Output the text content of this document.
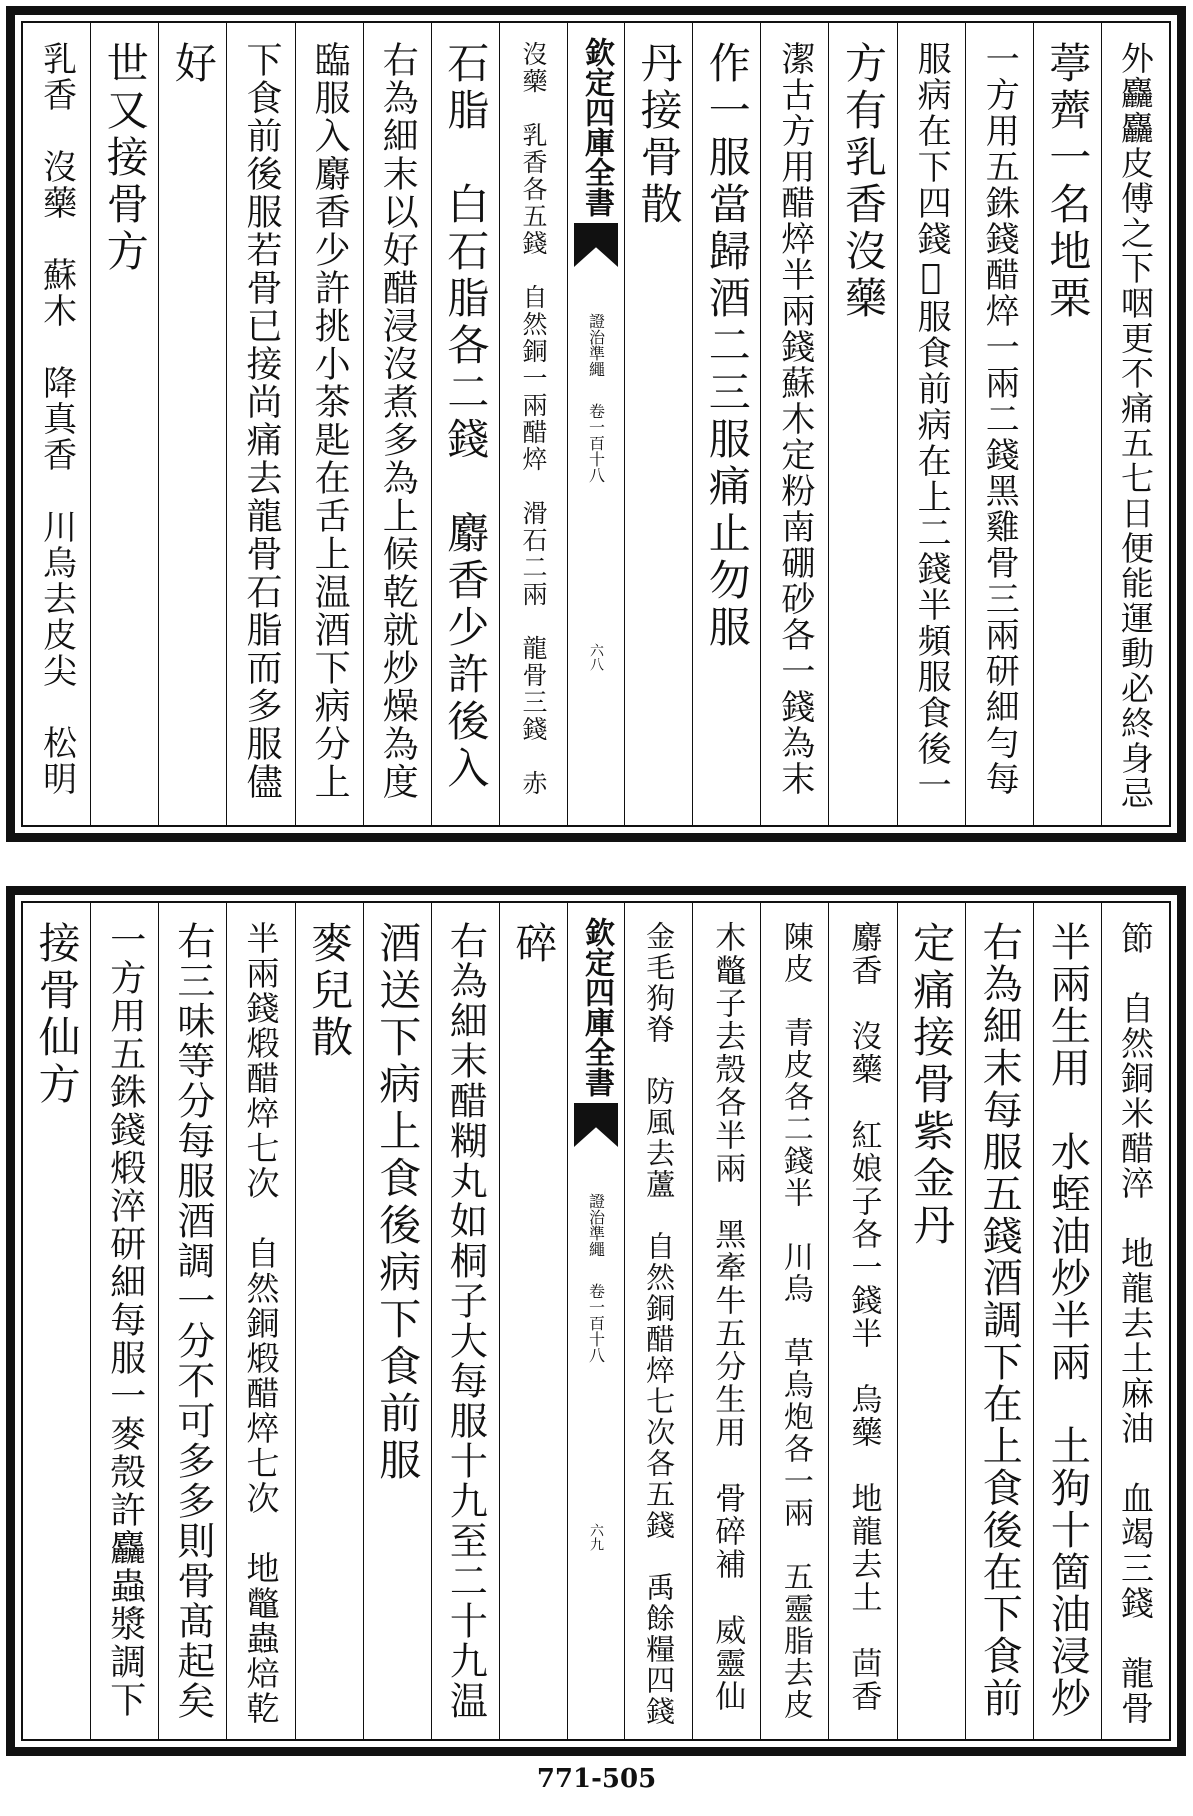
外麤麤皮傅之下咽更不痛五七日便能運動必終身忌
葶薺一名地栗
一方用五銖錢醋焠一兩二錢黑雞骨三兩研細勻每
服病在下四錢𨂍服食前病在上二錢半頻服食後一
方有乳香沒藥
潔古方用醋焠半兩錢蘇木定粉南硼砂各一錢為末
作一服當歸酒二三服痛止勿服
丹接骨散
欽定四庫全書
證治準繩
卷一百十八
六八
沒藥　乳香各五錢　自然銅一兩醋焠　滑石二兩　龍骨三錢　赤
石脂　白石脂各二錢　麝香少許後入
右為細末以好醋浸沒煮多為上候乾就炒燥為度
臨服入麝香少許挑小茶匙在舌上温酒下病分上
下食前後服若骨已接尚痛去龍骨石脂而多服儘
好
世又接骨方
乳香　沒藥　蘇木　降真香　川烏去皮尖　松明
節　自然銅米醋淬　地龍去土麻油　血竭三錢　龍骨
半兩生用　水蛭油炒半兩　土狗十箇油浸炒
右為細末每服五錢酒調下在上食後在下食前
定痛接骨紫金丹
麝香　沒藥　紅娘子各一錢半　烏藥　地龍去土　茴香
陳皮　青皮各二錢半　川烏　草烏炮各一兩　五靈脂去皮
木鼈子去殼各半兩　黑牽牛五分生用　骨碎補　威靈仙
金毛狗脊　防風去蘆　自然銅醋焠七次各五錢　禹餘糧四錢
欽定四庫全書
證治準繩
卷一百十八
六九
碎
右為細末醋糊丸如桐子大每服十九至二十九温
酒送下病上食後病下食前服
麥兒散
半兩錢煅醋焠七次　自然銅煅醋焠七次　地鼈蟲焙乾
右三味等分每服酒調一分不可多多則骨髙起矣
一方用五銖錢煅淬研細每服一麥殼許麤蟲漿調下
接骨仙方
771-505
